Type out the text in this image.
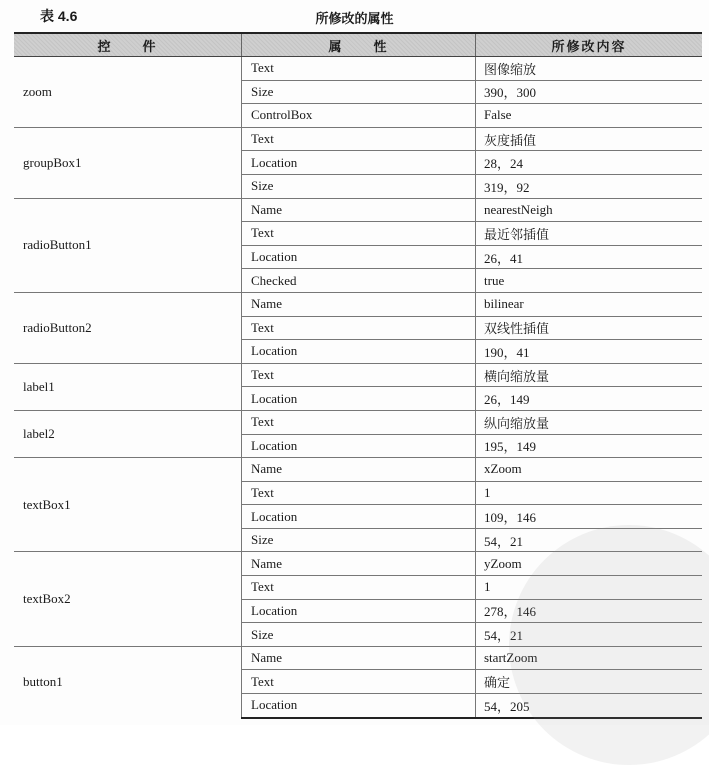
表 4.6	所修改的属性
控　　件	属　　性	所修改内容
zoom	Text	图像缩放
	Size	390，300
	ControlBox	False
groupBox1	Text	灰度插值
	Location	28，24
	Size	319，92
radioButton1	Name	nearestNeigh
	Text	最近邻插值
	Location	26，41
	Checked	true
radioButton2	Name	bilinear
	Text	双线性插值
	Location	190，41
label1	Text	横向缩放量
	Location	26，149
label2	Text	纵向缩放量
	Location	195，149
textBox1	Name	xZoom
	Text	1
	Location	109，146
	Size	54，21
textBox2	Name	yZoom
	Text	1
	Location	278，146
	Size	54，21
button1	Name	startZoom
	Text	确定
	Location	54，205
